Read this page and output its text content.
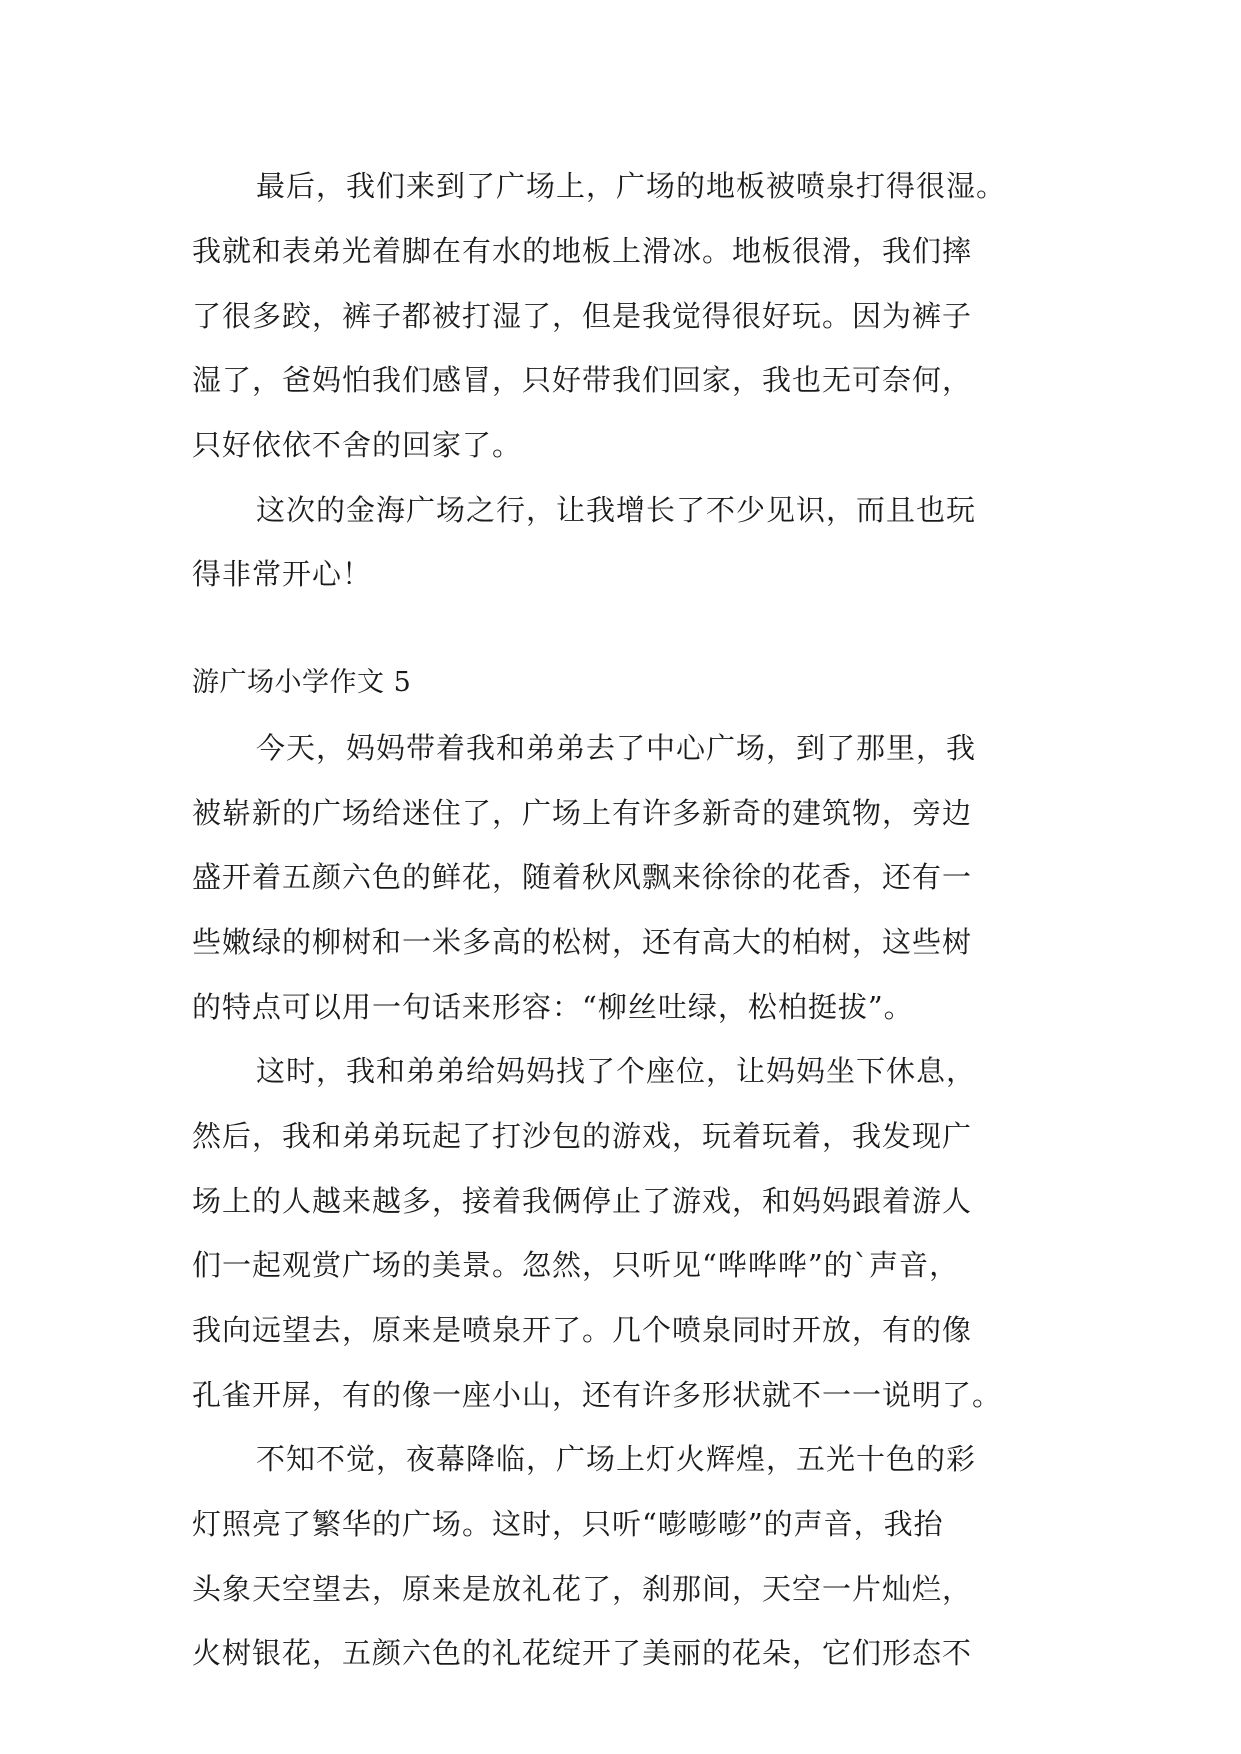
最后，我们来到了广场上，广场的地板被喷泉打得很湿。
我就和表弟光着脚在有水的地板上滑冰。地板很滑，我们摔
了很多跤，裤子都被打湿了，但是我觉得很好玩。因为裤子
湿了，爸妈怕我们感冒，只好带我们回家，我也无可奈何，
只好依依不舍的回家了。
这次的金海广场之行，让我增长了不少见识，而且也玩
得非常开心！
游广场小学作文 5
今天，妈妈带着我和弟弟去了中心广场，到了那里，我
被崭新的广场给迷住了，广场上有许多新奇的建筑物，旁边
盛开着五颜六色的鲜花，随着秋风飘来徐徐的花香，还有一
些嫩绿的柳树和一米多高的松树，还有高大的柏树，这些树
的特点可以用一句话来形容：“柳丝吐绿，松柏挺拔”。
这时，我和弟弟给妈妈找了个座位，让妈妈坐下休息，
然后，我和弟弟玩起了打沙包的游戏，玩着玩着，我发现广
场上的人越来越多，接着我俩停止了游戏，和妈妈跟着游人
们一起观赏广场的美景。忽然，只听见“哗哗哗”的`声音，
我向远望去，原来是喷泉开了。几个喷泉同时开放，有的像
孔雀开屏，有的像一座小山，还有许多形状就不一一说明了。
不知不觉，夜幕降临，广场上灯火辉煌，五光十色的彩
灯照亮了繁华的广场。这时，只听“嘭嘭嘭”的声音，我抬
头象天空望去，原来是放礼花了，刹那间，天空一片灿烂，
火树银花，五颜六色的礼花绽开了美丽的花朵，它们形态不
